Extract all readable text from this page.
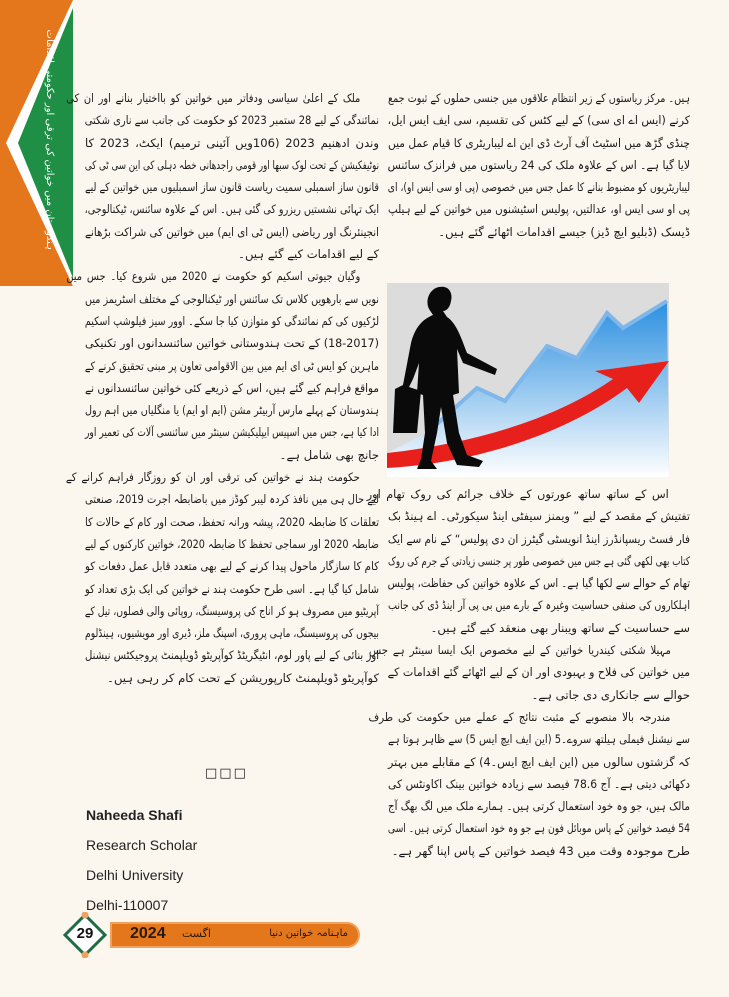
ہندوستان میں خواتین کی ترقی اور حکومتی اقدامات ملک کے اعلیٰ سیاسی ودفاتر میں خواتین کو بااختیار بنانے اور ان کی
نمائندگی کے لیے 28 ستمبر 2023 کو حکومت کی جانب سے ناری شکتی
وندن ادھنیم 2023 (106ویں آئینی ترمیم) ایکٹ، 2023 کا
نوٹیفکیشن کے تحت لوک سبھا اور قومی راجدھانی خطہ دہلی کی این سی ٹی کی
قانون ساز اسمبلی سمیت ریاست قانون ساز اسمبلیوں میں خواتین کے لیے
ایک تہائی نشستیں ریزرو کی گئی ہیں۔ اس کے علاوہ سائنس، ٹیکنالوجی،
انجینئرنگ اور ریاضی (ایس ٹی ای ایم) میں خواتین کی شراکت بڑھانے
کے لیے اقدامات کیے گئے ہیں۔
وگیان جیوتی اسکیم کو حکومت نے 2020 میں شروع کیا۔ جس میں
نویں سے بارھویں کلاس تک سائنس اور ٹیکنالوجی کے مختلف اسٹریمز میں
لڑکیوں کی کم نمائندگی کو متوازن کیا جا سکے۔ اوور سیز فیلوشپ اسکیم
(18-2017) کے تحت ہندوستانی خواتین سائنسدانوں اور تکنیکی
ماہرین کو ایس ٹی ای ایم میں بین الاقوامی تعاون پر مبنی تحقیق کرنے کے
مواقع فراہم کیے گئے ہیں، اس کے ذریعے کئی خواتین سائنسدانوں نے
ہندوستان کے پہلے مارس آربیٹر مشن (ایم او ایم) یا منگلیاں میں اہم رول
ادا کیا ہے، جس میں اسپیس ایپلیکیشن سینٹر میں سائنسی آلات کی تعمیر اور
جانچ بھی شامل ہے۔
حکومت ہند نے خواتین کی ترقی اور ان کو روزگار فراہم کرانے کے
لیے حال ہی میں نافذ کردہ لیبر کوڈز میں باضابطہ اجرت 2019، صنعتی
تعلقات کا ضابطہ 2020، پیشہ ورانہ تحفظ، صحت اور کام کے حالات کا
ضابطہ 2020 اور سماجی تحفظ کا ضابطہ 2020، خواتین کارکنوں کے لیے
کام کا سازگار ماحول پیدا کرنے کے لیے بھی متعدد قابل عمل دفعات کو
شامل کیا گیا ہے۔ اسی طرح حکومت ہند نے خواتین کی ایک بڑی تعداد کو
آپریٹیو میں مصروف ہو کر اناج کی پروسیسنگ، روپائی والی فصلوں، تیل کے
بیجوں کی پروسیسنگ، ماہی پروری، اسپنگ ملز، ڈیری اور مویشیوں، ہینڈلوم
اور بنائی کے لیے پاور لوم، انٹیگریٹڈ کوآپریٹو ڈویلپمنٹ پروجیکٹس نیشنل
کوآپریٹو ڈویلپمنٹ کارپوریشن کے تحت کام کر رہی ہیں۔
ہیں۔ مرکز ریاستوں کے زیر انتظام علاقوں میں جنسی حملوں کے ثبوت جمع
کرنے (ایس اے ای سی) کے لیے کٹس کی تقسیم، سی ایف ایس ایل،
چنڈی گڑھ میں اسٹیٹ آف آرٹ ڈی این اے لیباریٹری کا قیام عمل میں
لایا گیا ہے۔ اس کے علاوہ ملک کی 24 ریاستوں میں فرانزک سائنس
لیباریٹریوں کو مضبوط بنانے کا عمل جس میں خصوصی (پی او سی ایس او)، ای
پی او سی ایس او، عدالتیں، پولیس اسٹیشنوں میں خواتین کے لیے ہیلپ
ڈیسک (ڈبلیو ایچ ڈیز) جیسے اقدامات اٹھائے گئے ہیں۔
اس کے ساتھ ساتھ عورتوں کے خلاف جرائم کی روک تھام اور
تفتیش کے مقصد کے لیے ” ویمنز سیفٹی اینڈ سیکورٹی۔ اے ہینڈ بک
فار فسٹ ریسپانڈرز اینڈ انویسٹی گیٹرز ان دی پولیس“ کے نام سے ایک
کتاب بھی لکھی گئی ہے جس میں خصوصی طور پر جنسی زیادتی کے جرم کی روک
تھام کے حوالے سے لکھا گیا ہے۔ اس کے علاوہ خواتین کی حفاظت، پولیس
اہلکاروں کی صنفی حساسیت وغیرہ کے بارے میں بی پی آر اینڈ ڈی کی جانب
سے حساسیت کے ساتھ ویبنار بھی منعقد کیے گئے ہیں۔
مہیلا شکتی کیندریا خواتین کے لیے مخصوص ایک ایسا سینٹر ہے جس
میں خواتین کی فلاح و بہبودی اور ان کے لیے اٹھائے گئے اقدامات کے
حوالے سے جانکاری دی جاتی ہے۔
مندرجہ بالا منصوبے کے مثبت نتائج کے عملے میں حکومت کی طرف
سے نیشنل فیملی ہیلتھ سروے۔5 (این ایف ایچ ایس 5) سے ظاہر ہوتا ہے
کہ گزشتوں سالوں میں (این ایف ایچ ایس۔4) کے مقابلے میں بہتر
دکھائی دیتی ہے۔ آج 78.6 فیصد سے زیادہ خواتین بینک اکاونٹس کی
مالک ہیں، جو وہ خود استعمال کرتی ہیں۔ ہمارے ملک میں لگ بھگ آج
54 فیصد خواتین کے پاس موبائل فون ہے جو وہ خود استعمال کرتی ہیں۔ اسی
طرح موجودہ وقت میں 43 فیصد خواتین کے پاس اپنا گھر ہے۔
□□□
Naheeda Shafi
Research Scholar
Delhi University
Delhi-110007
2024 اگست	ماہنامہ خواتین دنیا
29
